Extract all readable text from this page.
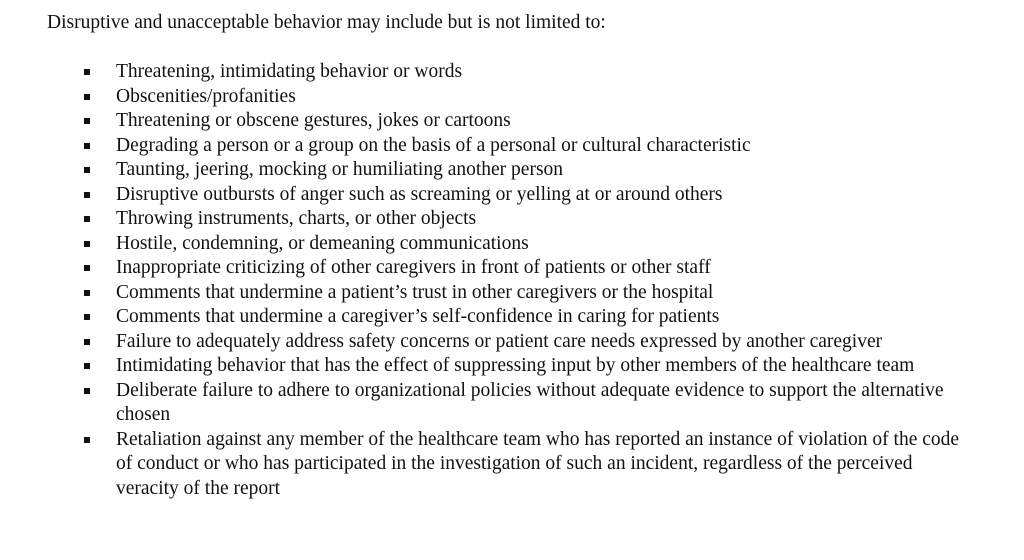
Disruptive and unacceptable behavior may include but is not limited to:

Threatening, intimidating behavior or words
Obscenities/profanities
Threatening or obscene gestures, jokes or cartoons
Degrading a person or a group on the basis of a personal or cultural characteristic
Taunting, jeering, mocking or humiliating another person
Disruptive outbursts of anger such as screaming or yelling at or around others
Throwing instruments, charts, or other objects
Hostile, condemning, or demeaning communications
Inappropriate criticizing of other caregivers in front of patients or other staff
Comments that undermine a patient’s trust in other caregivers or the hospital
Comments that undermine a caregiver’s self-confidence in caring for patients
Failure to adequately address safety concerns or patient care needs expressed by another caregiver
Intimidating behavior that has the effect of suppressing input by other members of the healthcare team
Deliberate failure to adhere to organizational policies without adequate evidence to support the alternative chosen
Retaliation against any member of the healthcare team who has reported an instance of violation of the code of conduct or who has participated in the investigation of such an incident, regardless of the perceived veracity of the report
